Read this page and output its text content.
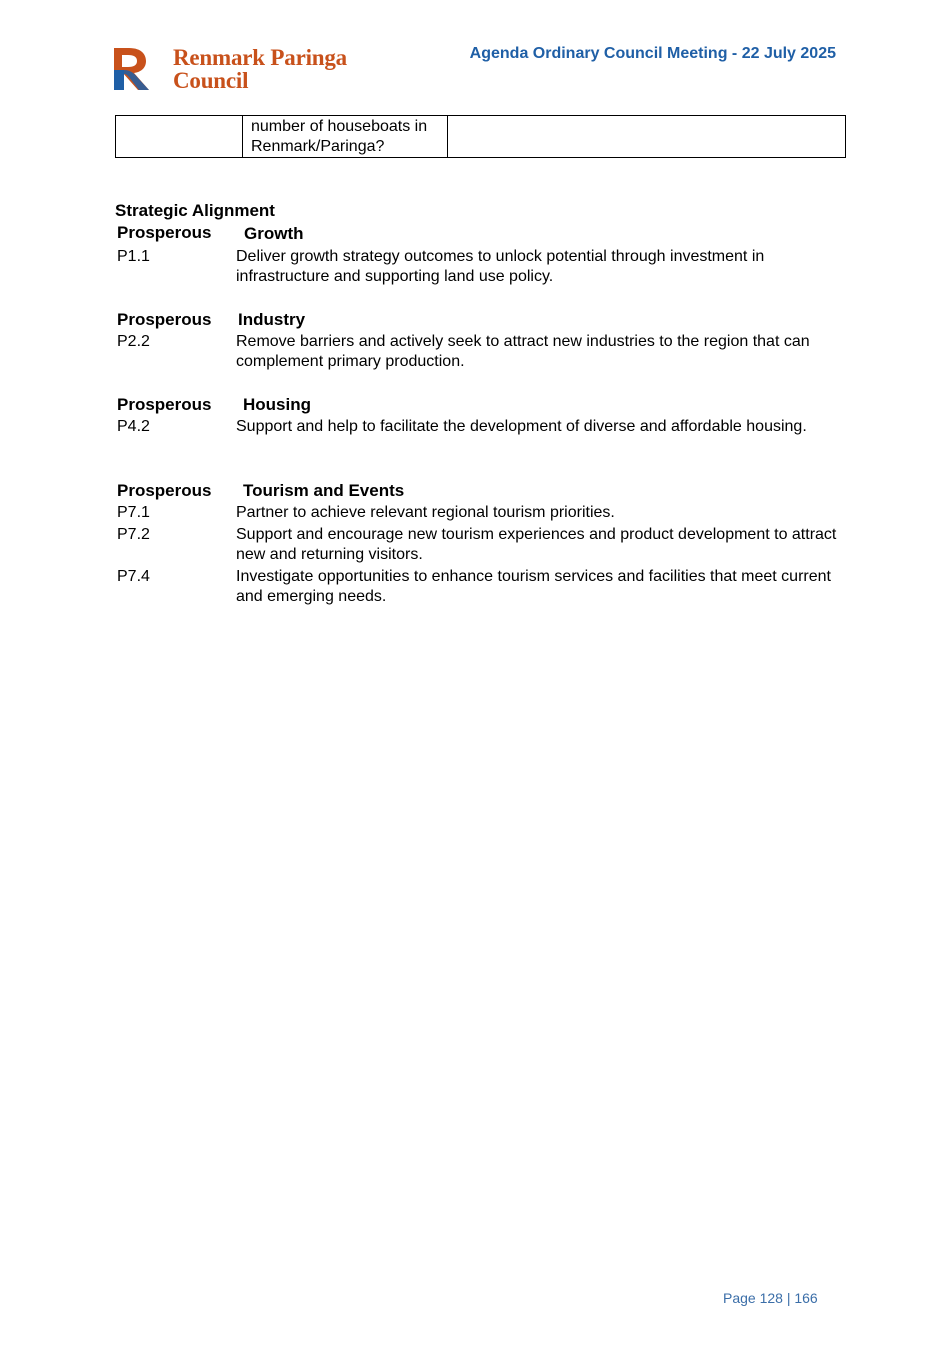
Renmark Paringa
Council
Agenda Ordinary Council Meeting - 22 July 2025
	number of houseboats in Renmark/Paringa?	
Strategic Alignment
Prosperous Growth
P1.1	Deliver growth strategy outcomes to unlock potential through investment in infrastructure and supporting land use policy.
Prosperous Industry
P2.2	Remove barriers and actively seek to attract new industries to the region that can complement primary production.
Prosperous Housing
P4.2	Support and help to facilitate the development of diverse and affordable housing.
Prosperous Tourism and Events
P7.1	Partner to achieve relevant regional tourism priorities.
P7.2	Support and encourage new tourism experiences and product development to attract new and returning visitors.
P7.4	Investigate opportunities to enhance tourism services and facilities that meet current and emerging needs.
Page 128 | 166
